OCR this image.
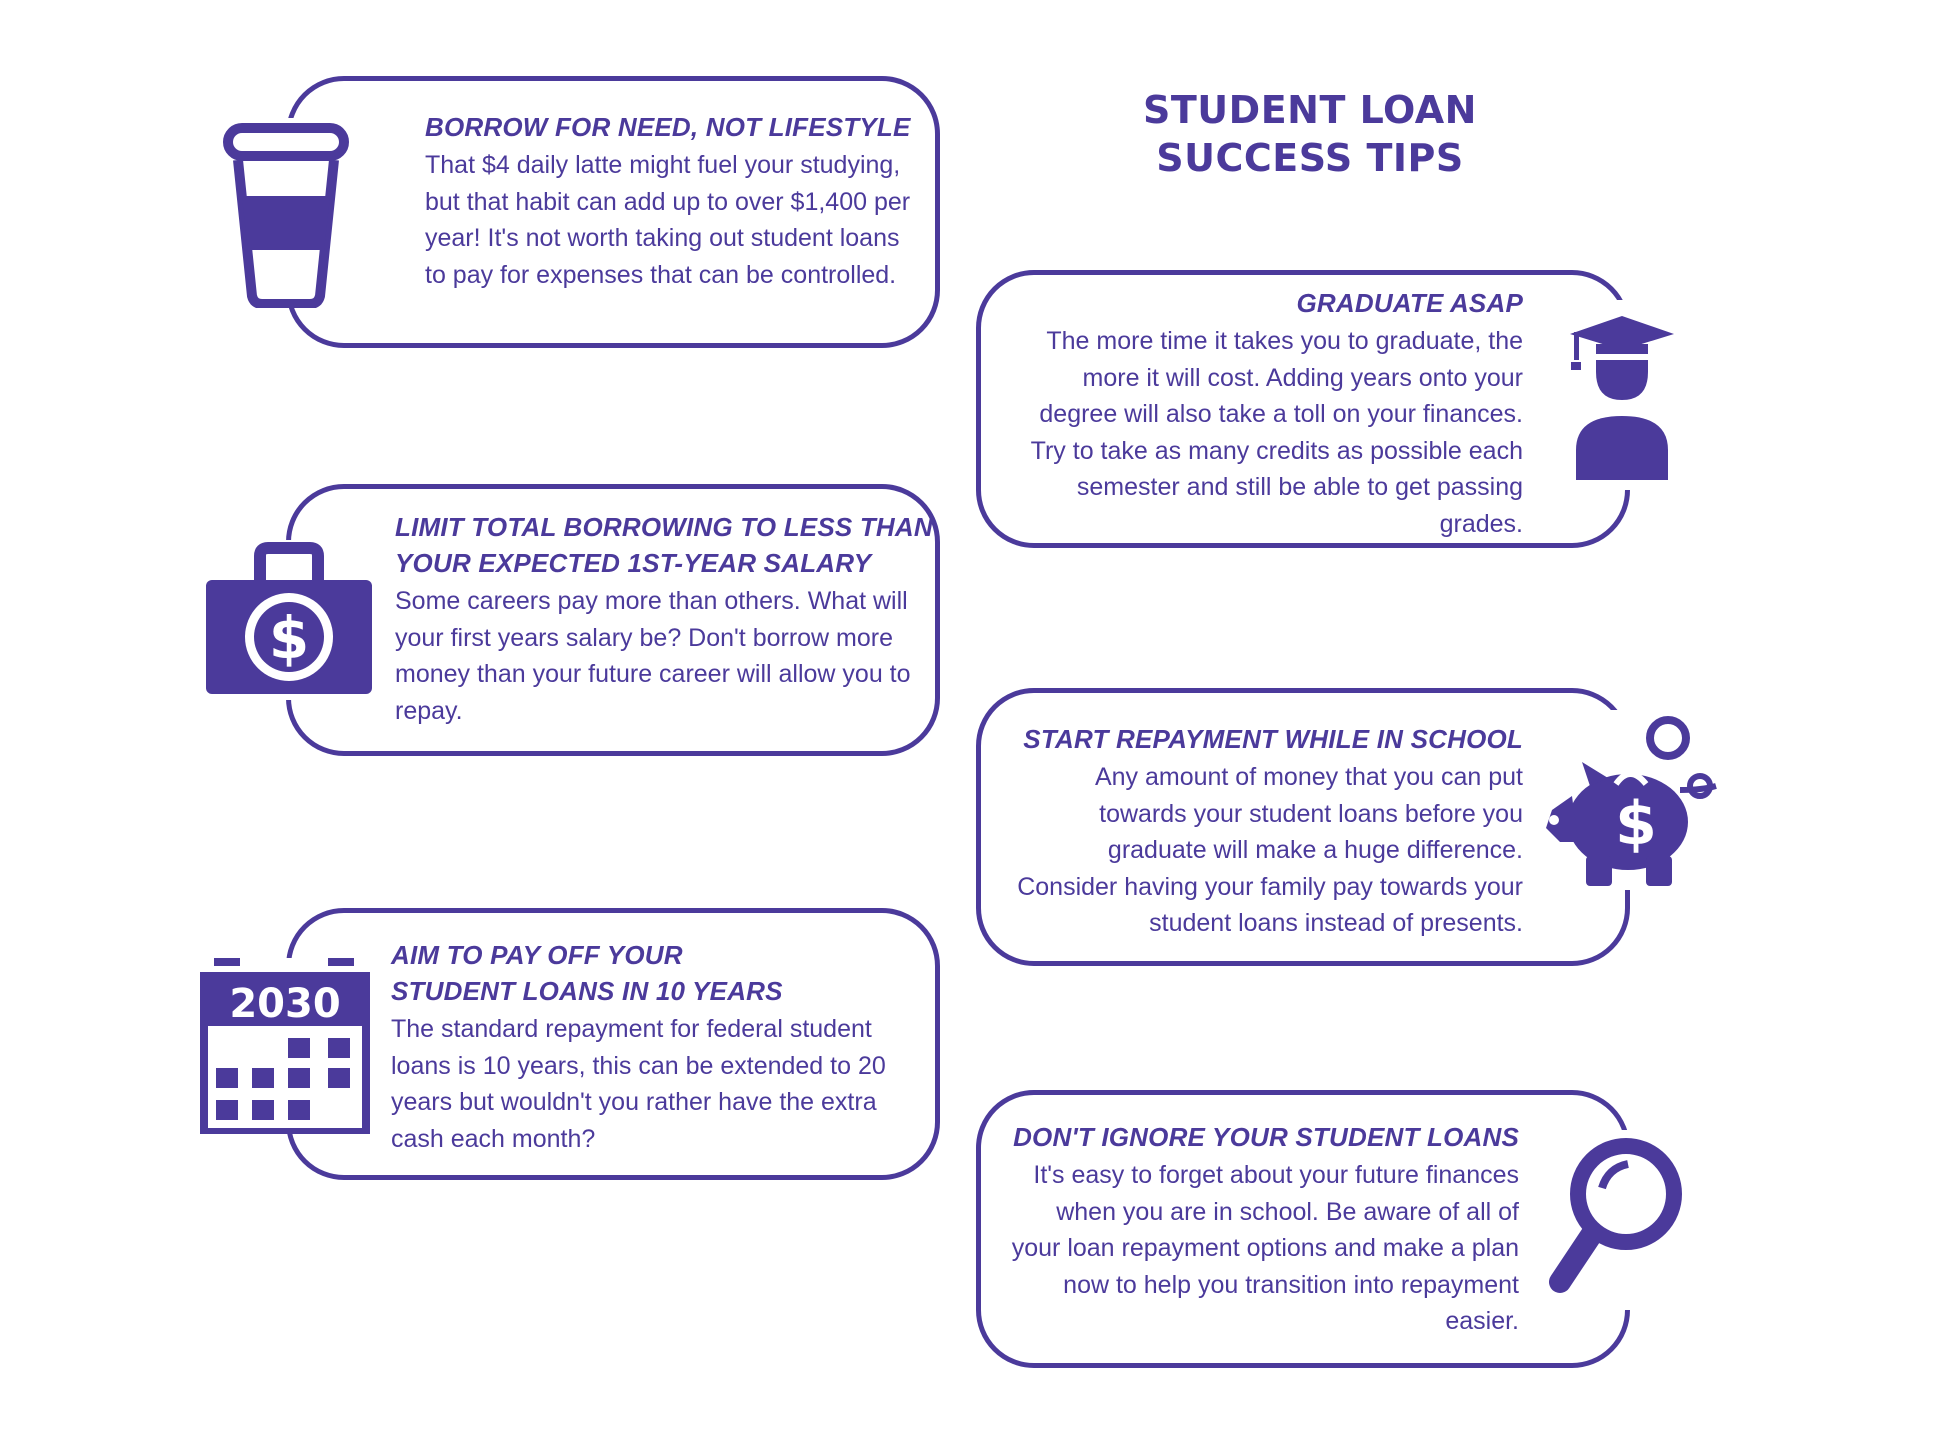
STUDENT LOAN
SUCCESS TIPS
BORROW FOR NEED, NOT LIFESTYLE

That $4 daily latte might fuel your studying, but that habit can add up to over $1,400 per year! It's not worth taking out student loans to pay for expenses that can be controlled.

GRADUATE ASAP

The more time it takes you to graduate, the more it will cost. Adding years onto your degree will also take a toll on your finances. Try to take as many credits as possible each semester and still be able to get passing grades.

LIMIT TOTAL BORROWING TO LESS THAN
YOUR EXPECTED 1ST-YEAR SALARY

Some careers pay more than others. What will your first years salary be? Don't borrow more money than your future career will allow you to repay.

$
START REPAYMENT WHILE IN SCHOOL

Any amount of money that you can put towards your student loans before you graduate will make a huge difference. Consider having your family pay towards your student loans instead of presents.

$
AIM TO PAY OFF YOUR
STUDENT LOANS IN 10 YEARS

The standard repayment for federal student loans is 10 years, this can be extended to 20 years but wouldn't you rather have the extra cash each month?

2030
DON'T IGNORE YOUR STUDENT LOANS

It's easy to forget about your future finances when you are in school. Be aware of all of your loan repayment options and make a plan now to help you transition into repayment easier.
